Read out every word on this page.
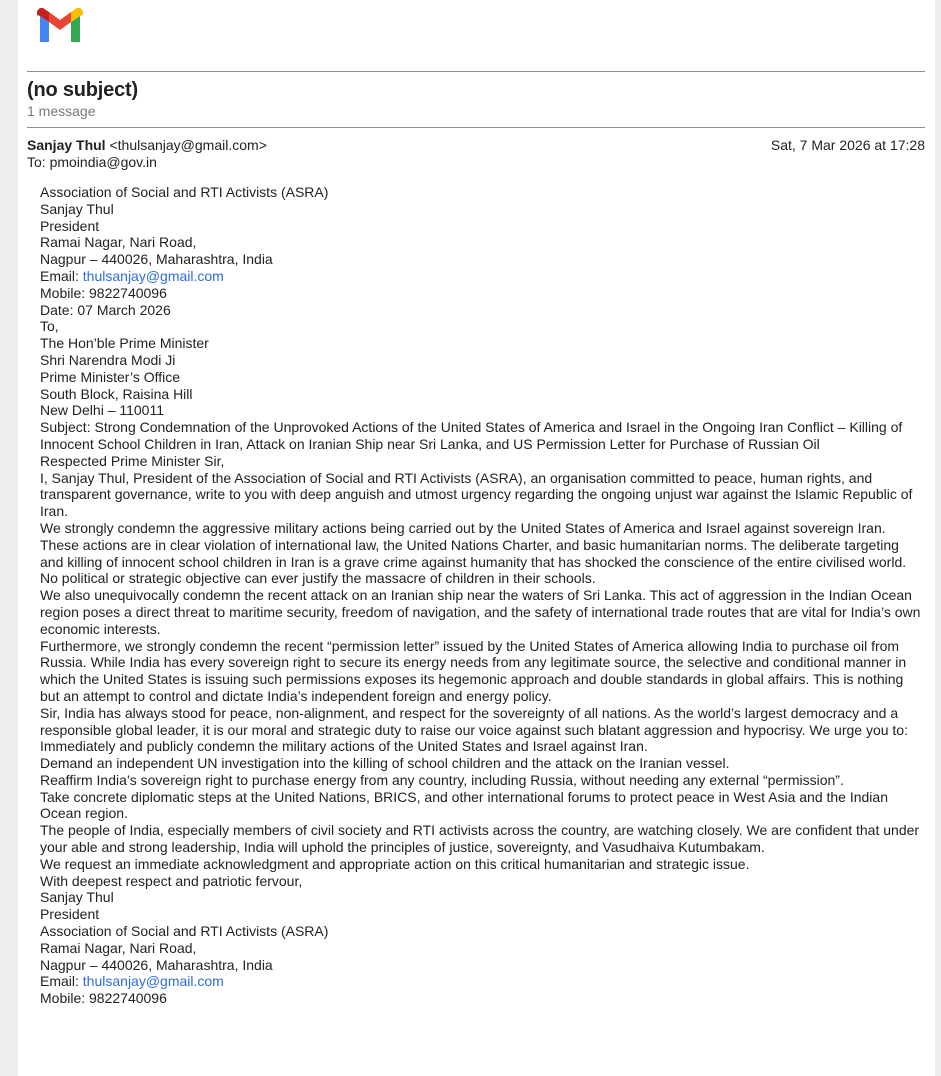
(no subject)
1 message
Sanjay Thul <thulsanjay@gmail.com>	Sat, 7 Mar 2026 at 17:28
To: pmoindia@gov.in
Association of Social and RTI Activists (ASRA)
Sanjay Thul
President
Ramai Nagar, Nari Road,
Nagpur – 440026, Maharashtra, India
Email: thulsanjay@gmail.com
Mobile: 9822740096
Date: 07 March 2026
To,
The Hon’ble Prime Minister
Shri Narendra Modi Ji
Prime Minister’s Office
South Block, Raisina Hill
New Delhi – 110011
Subject: Strong Condemnation of the Unprovoked Actions of the United States of America and Israel in the Ongoing Iran Conflict – Killing of Innocent School Children in Iran, Attack on Iranian Ship near Sri Lanka, and US Permission Letter for Purchase of Russian Oil
Respected Prime Minister Sir,
I, Sanjay Thul, President of the Association of Social and RTI Activists (ASRA), an organisation committed to peace, human rights, and transparent governance, write to you with deep anguish and utmost urgency regarding the ongoing unjust war against the Islamic Republic of Iran.
We strongly condemn the aggressive military actions being carried out by the United States of America and Israel against sovereign Iran. These actions are in clear violation of international law, the United Nations Charter, and basic humanitarian norms. The deliberate targeting and killing of innocent school children in Iran is a grave crime against humanity that has shocked the conscience of the entire civilised world. No political or strategic objective can ever justify the massacre of children in their schools.
We also unequivocally condemn the recent attack on an Iranian ship near the waters of Sri Lanka. This act of aggression in the Indian Ocean region poses a direct threat to maritime security, freedom of navigation, and the safety of international trade routes that are vital for India’s own economic interests.
Furthermore, we strongly condemn the recent “permission letter” issued by the United States of America allowing India to purchase oil from Russia. While India has every sovereign right to secure its energy needs from any legitimate source, the selective and conditional manner in which the United States is issuing such permissions exposes its hegemonic approach and double standards in global affairs. This is nothing but an attempt to control and dictate India’s independent foreign and energy policy.
Sir, India has always stood for peace, non-alignment, and respect for the sovereignty of all nations. As the world’s largest democracy and a responsible global leader, it is our moral and strategic duty to raise our voice against such blatant aggression and hypocrisy. We urge you to:
Immediately and publicly condemn the military actions of the United States and Israel against Iran.
Demand an independent UN investigation into the killing of school children and the attack on the Iranian vessel.
Reaffirm India’s sovereign right to purchase energy from any country, including Russia, without needing any external “permission”.
Take concrete diplomatic steps at the United Nations, BRICS, and other international forums to protect peace in West Asia and the Indian Ocean region.
The people of India, especially members of civil society and RTI activists across the country, are watching closely. We are confident that under your able and strong leadership, India will uphold the principles of justice, sovereignty, and Vasudhaiva Kutumbakam.
We request an immediate acknowledgment and appropriate action on this critical humanitarian and strategic issue.
With deepest respect and patriotic fervour,
Sanjay Thul
President
Association of Social and RTI Activists (ASRA)
Ramai Nagar, Nari Road,
Nagpur – 440026, Maharashtra, India
Email: thulsanjay@gmail.com
Mobile: 9822740096
